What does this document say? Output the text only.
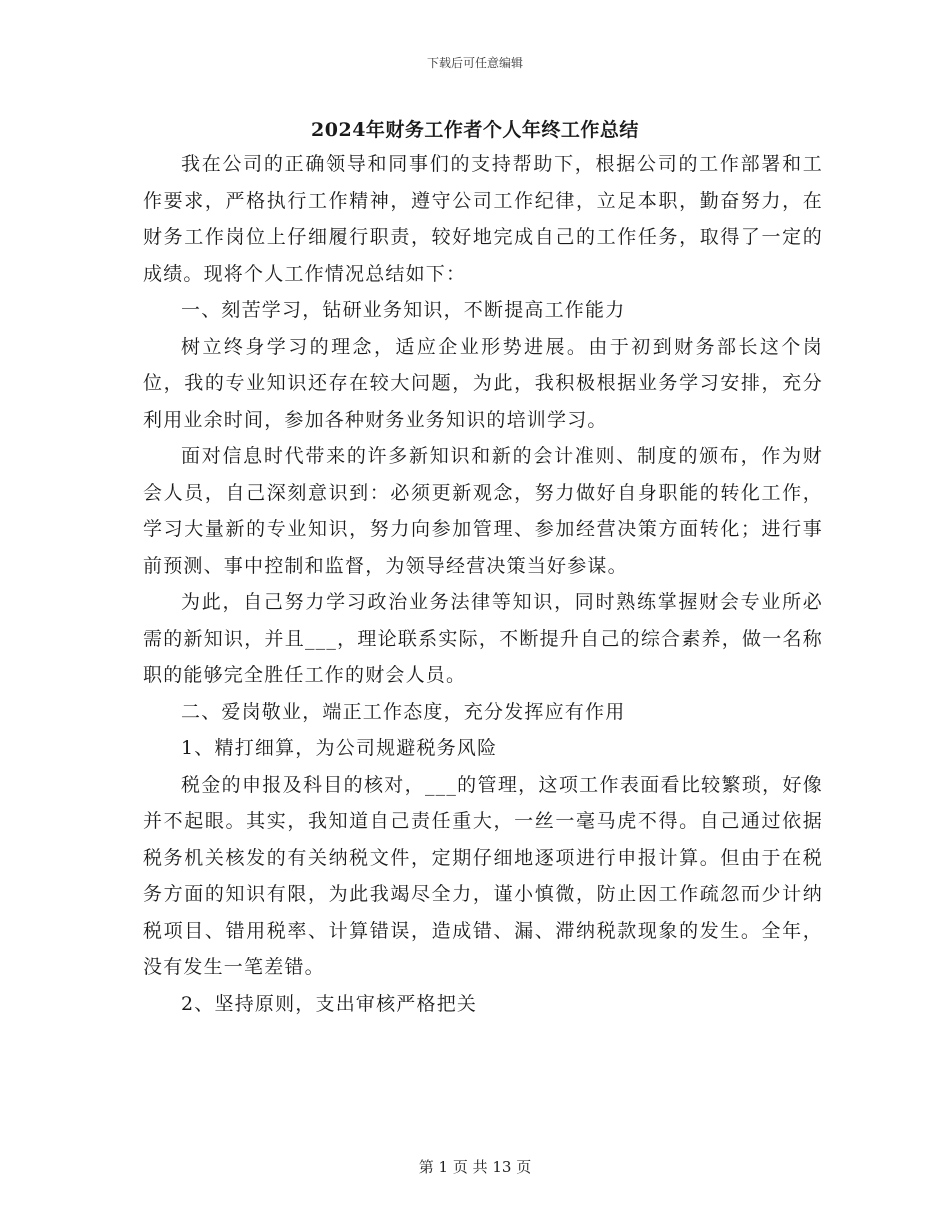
下载后可任意编辑
2024年财务工作者个人年终工作总结

我在公司的正确领导和同事们的支持帮助下，根据公司的工作部署和工作要求，严格执行工作精神，遵守公司工作纪律，立足本职，勤奋努力，在财务工作岗位上仔细履行职责，较好地完成自己的工作任务，取得了一定的成绩。现将个人工作情况总结如下：

一、刻苦学习，钻研业务知识，不断提高工作能力

树立终身学习的理念，适应企业形势进展。由于初到财务部长这个岗位，我的专业知识还存在较大问题，为此，我积极根据业务学习安排，充分利用业余时间，参加各种财务业务知识的培训学习。

面对信息时代带来的许多新知识和新的会计准则、制度的颁布，作为财会人员，自己深刻意识到：必须更新观念，努力做好自身职能的转化工作，学习大量新的专业知识，努力向参加管理、参加经营决策方面转化；进行事前预测、事中控制和监督，为领导经营决策当好参谋。

为此，自己努力学习政治业务法律等知识，同时熟练掌握财会专业所必需的新知识，并且___，理论联系实际，不断提升自己的综合素养，做一名称职的能够完全胜任工作的财会人员。

二、爱岗敬业，端正工作态度，充分发挥应有作用

1、精打细算，为公司规避税务风险

税金的申报及科目的核对，___的管理，这项工作表面看比较繁琐，好像并不起眼。其实，我知道自己责任重大，一丝一毫马虎不得。自己通过依据税务机关核发的有关纳税文件，定期仔细地逐项进行申报计算。但由于在税务方面的知识有限，为此我竭尽全力，谨小慎微，防止因工作疏忽而少计纳税项目、错用税率、计算错误，造成错、漏、滞纳税款现象的发生。全年，没有发生一笔差错。

2、坚持原则，支出审核严格把关

第 1 页 共 13 页
